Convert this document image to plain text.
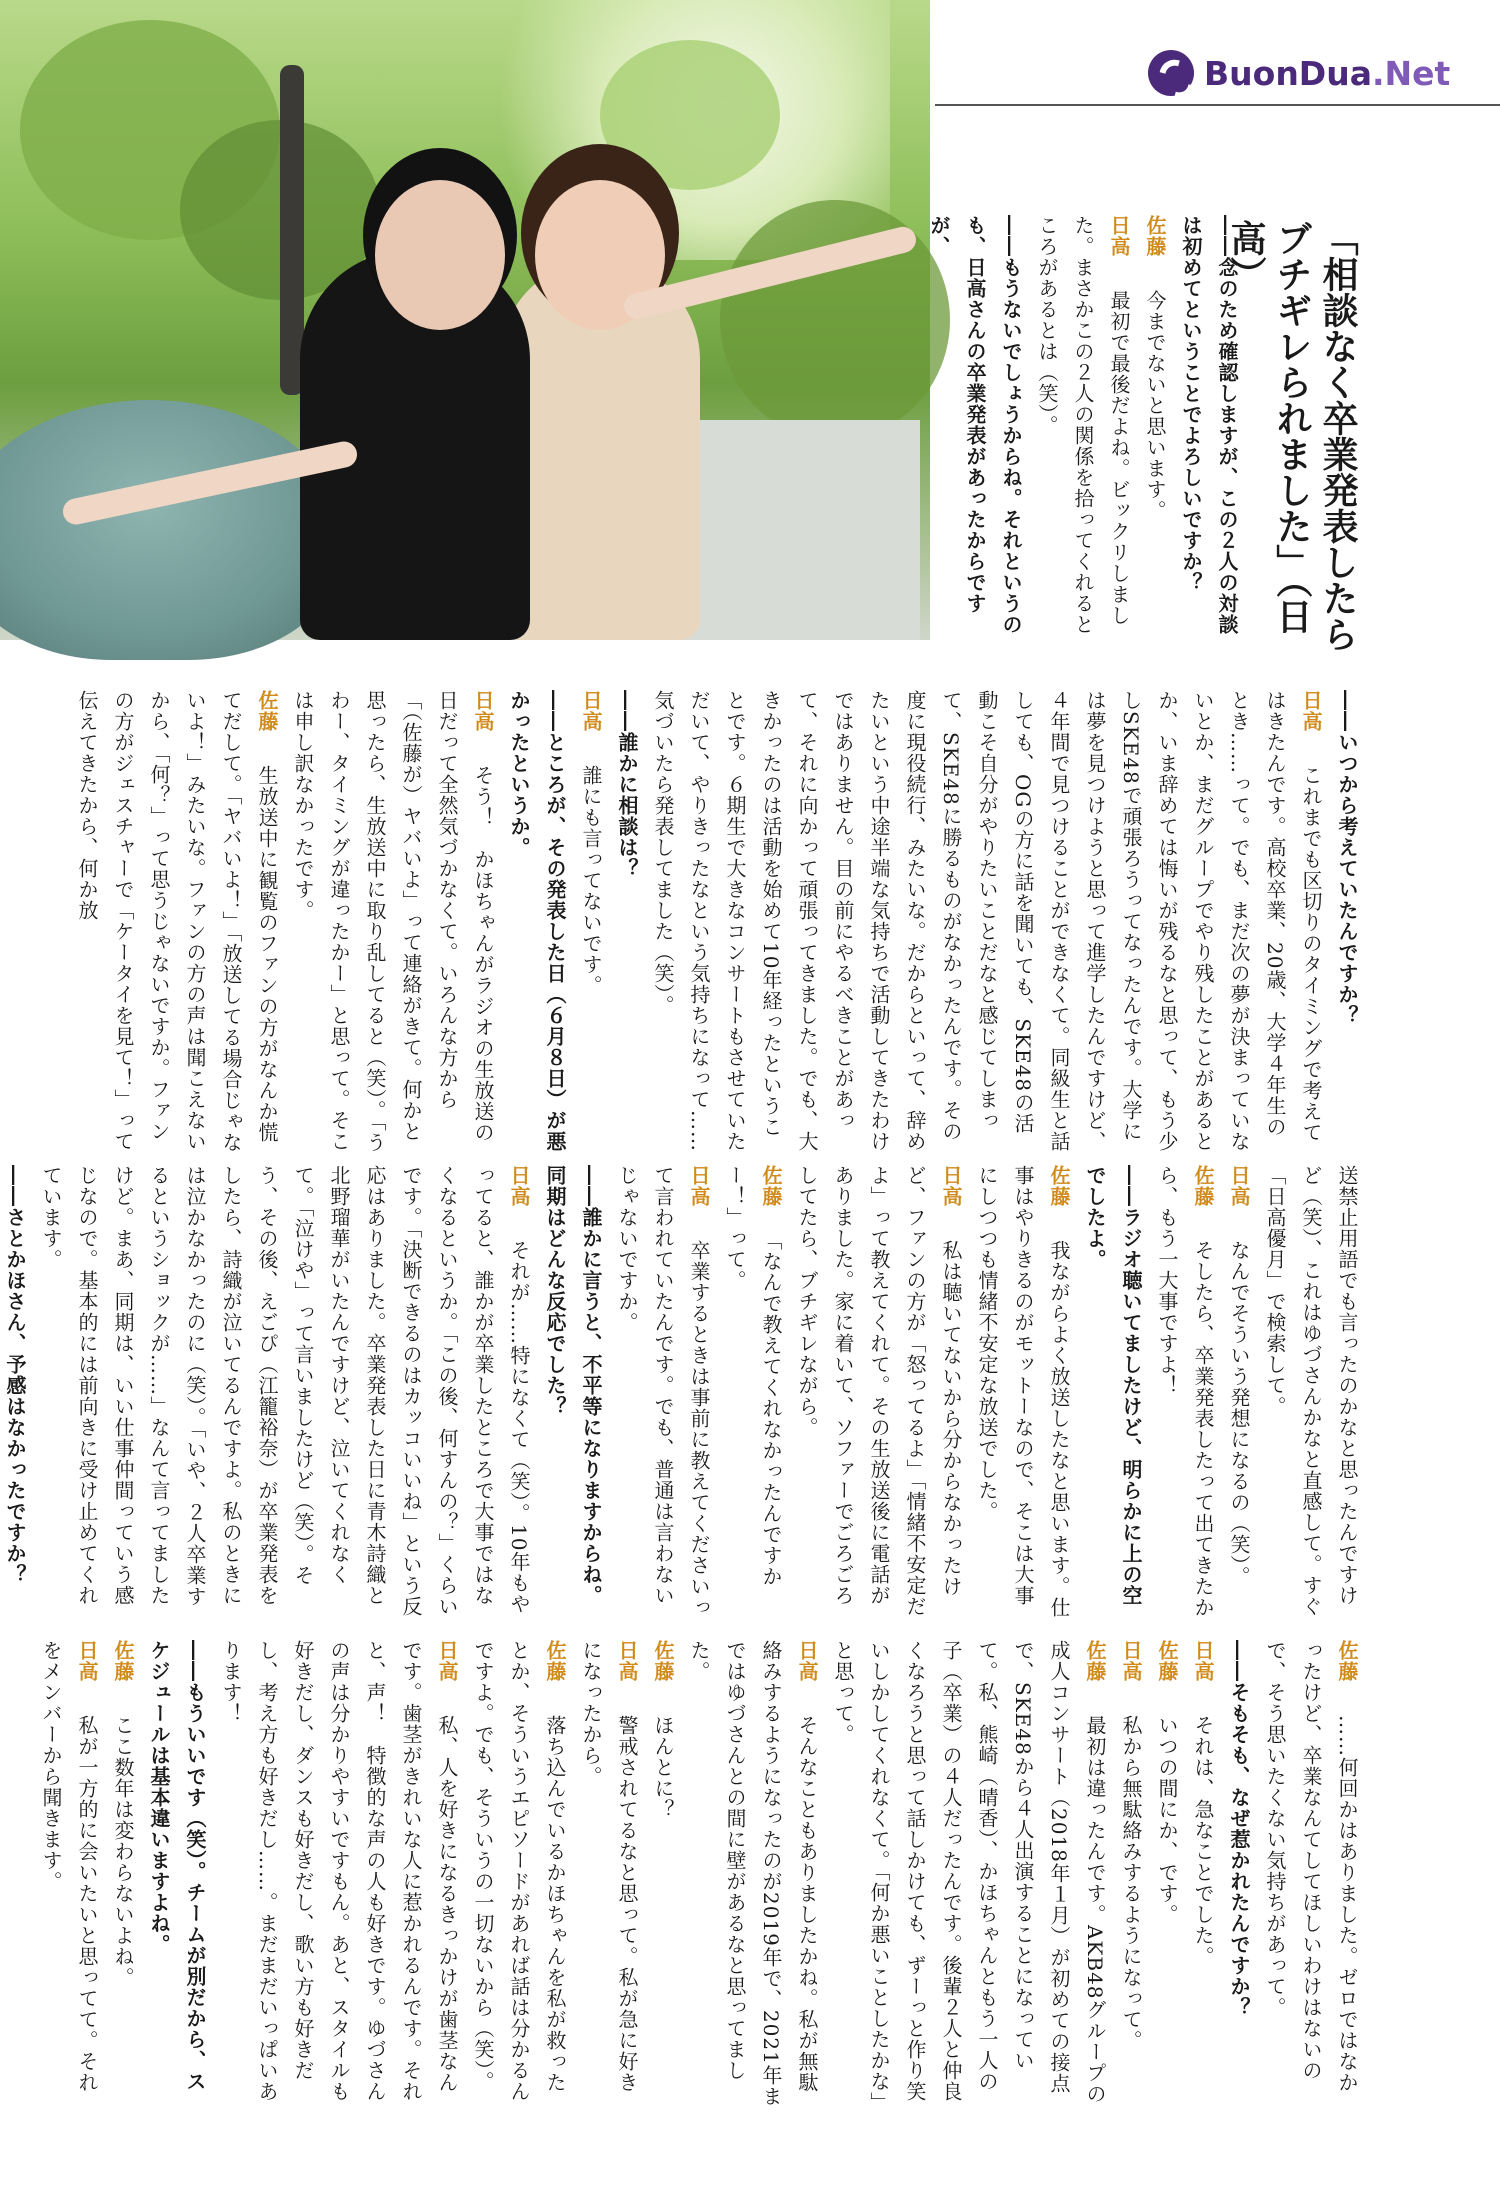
BuonDua.Net
「相談なく卒業発表したらブチギレられました」（日高）
―― 念のため確認しますが、この２人の対談は初めてということでよろしいですか？
佐藤　今までないと思います。
日高　最初で最後だよね。ビックリしました。まさかこの２人の関係を拾ってくれるところがあるとは（笑）。
―― もうないでしょうからね。それというのも、日高さんの卒業発表があったからですが、
―― いつから考えていたんですか？
日高　これまでも区切りのタイミングで考えてはきたんです。高校卒業、20歳、大学４年生のとき……って。でも、まだ次の夢が決まっていないとか、まだグループでやり残したことがあるとか、いま辞めては悔いが残るなと思って、もう少しSKE48で頑張ろうってなったんです。大学には夢を見つけようと思って進学したんですけど、４年間で見つけることができなくて。同級生と話しても、OGの方に話を聞いても、SKE48の活動こそ自分がやりたいことだなと感じてしまって、SKE48に勝るものがなかったんです。その度に現役続行、みたいな。だからといって、辞めたいという中途半端な気持ちで活動してきたわけではありません。目の前にやるべきことがあって、それに向かって頑張ってきました。でも、大きかったのは活動を始めて10年経ったということです。６期生で大きなコンサートもさせていただいて、やりきったなという気持ちになって……気づいたら発表してました（笑）。
―― 誰かに相談は？
日高　誰にも言ってないです。
―― ところが、その発表した日（６月８日）が悪かったというか。
日高　そう！　かほちゃんがラジオの生放送の日だって全然気づかなくて。いろんな方から「（佐藤が）ヤバいよ」って連絡がきて。何かと思ったら、生放送中に取り乱してると（笑）。「うわー、タイミングが違ったかー」と思って。そこは申し訳なかったです。
佐藤　生放送中に観覧のファンの方がなんか慌てだして。「ヤバいよ！」「放送してる場合じゃないよ！」みたいな。ファンの方の声は聞こえないから、「何？」って思うじゃないですか。ファンの方がジェスチャーで「ケータイを見て！」って伝えてきたから、何か放
送禁止用語でも言ったのかなと思ったんですけど（笑）、これはゆづさんかなと直感して。すぐ「日高優月」で検索して。
日高　なんでそういう発想になるの（笑）。
佐藤　そしたら、卒業発表したって出てきたから、もう一大事ですよ！
―― ラジオ聴いてましたけど、明らかに上の空でしたよ。
佐藤　我ながらよく放送したなと思います。仕事はやりきるのがモットーなので、そこは大事にしつつも情緒不安定な放送でした。
日高　私は聴いてないから分からなかったけど、ファンの方が「怒ってるよ」「情緒不安定だよ」って教えてくれて。その生放送後に電話がありました。家に着いて、ソファーでごろごろしてたら、ブチギレながら。
佐藤　「なんで教えてくれなかったんですかー！」って。
日高　卒業するときは事前に教えてくださいって言われていたんです。でも、普通は言わないじゃないですか。
―― 誰かに言うと、不平等になりますからね。同期はどんな反応でした？
日高　それが……特になくて（笑）。10年もやってると、誰かが卒業したところで大事ではなくなるというか。「この後、何すんの？」くらいです。「決断できるのはカッコいいね」という反応はありました。卒業発表した日に青木詩織と北野瑠華がいたんですけど、泣いてくれなくて。「泣けや」って言いましたけど（笑）。そう、その後、えごぴ（江籠裕奈）が卒業発表をしたら、詩織が泣いてるんですよ。私のときには泣かなかったのに（笑）。「いや、２人卒業するというショックが……」なんて言ってましたけど。まあ、同期は、いい仕事仲間っていう感じなので。基本的には前向きに受け止めてくれています。
―― さとかほさん、予感はなかったですか？
佐藤　……何回かはありました。ゼロではなかったけど、卒業なんてしてほしいわけはないので、そう思いたくない気持ちがあって。
―― そもそも、なぜ惹かれたんですか？
日高　それは、急なことでした。
佐藤　いつの間にか、です。
日高　私から無駄絡みするようになって。
佐藤　最初は違ったんです。AKB48グループの成人コンサート（2018年１月）が初めての接点で、SKE48から４人出演することになっていて。私、熊崎（晴香）、かほちゃんともう一人の子（卒業）の４人だったんです。後輩２人と仲良くなろうと思って話しかけても、ずーっと作り笑いしかしてくれなくて。「何か悪いことしたかな」と思って。
日高　そんなこともありましたかね。私が無駄絡みするようになったのが2019年で、2021年まではゆづさんとの間に壁があるなと思ってました。
佐藤　ほんとに？
日高　警戒されてるなと思って。私が急に好きになったから。
佐藤　落ち込んでいるかほちゃんを私が救ったとか、そういうエピソードがあれば話は分かるんですよ。でも、そういうの一切ないから（笑）。
日高　私、人を好きになるきっかけが歯茎なんです。歯茎がきれいな人に惹かれるんです。それと、声！　特徴的な声の人も好きです。ゆづさんの声は分かりやすいですもん。あと、スタイルも好きだし、ダンスも好きだし、歌い方も好きだし、考え方も好きだし……。まだまだいっぱいあります！
―― もういいです（笑）。チームが別だから、スケジュールは基本違いますよね。
佐藤　ここ数年は変わらないよね。
日高　私が一方的に会いたいと思ってて。それをメンバーから聞きます。
